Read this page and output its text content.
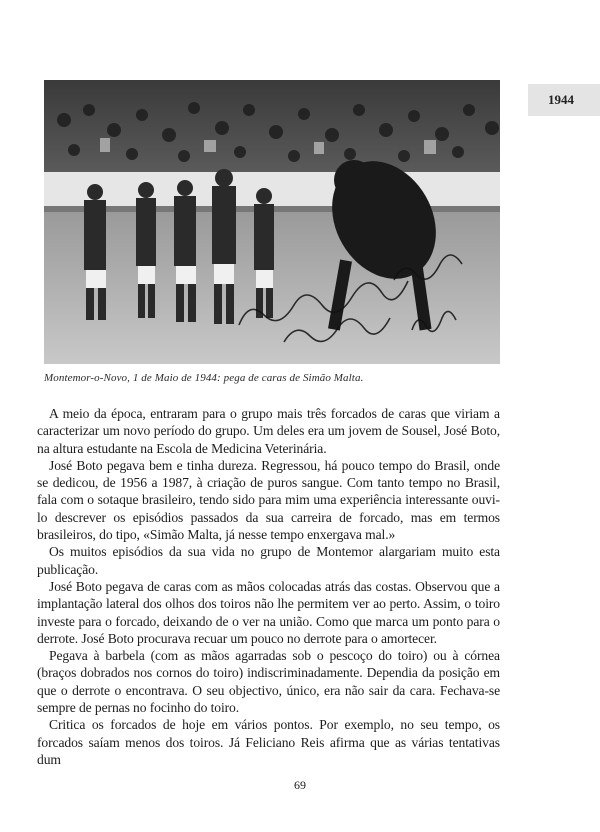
1944
Montemor-o-Novo, 1 de Maio de 1944: pega de caras de Simão Malta.

A meio da época, entraram para o grupo mais três forcados de caras que viriam a caracterizar um novo período do grupo. Um deles era um jovem de Sousel, José Boto, na altura estudante na Escola de Medicina Veterinária.

José Boto pegava bem e tinha dureza. Regressou, há pouco tempo do Brasil, onde se dedicou, de 1956 a 1987, à criação de puros sangue. Com tanto tempo no Brasil, fala com o sotaque brasileiro, tendo sido para mim uma experiência interessante ouvi-lo descrever os episódios passados da sua carreira de forcado, mas em termos brasileiros, do tipo, «Simão Malta, já nesse tempo enxergava mal.»

Os muitos episódios da sua vida no grupo de Montemor alargariam muito esta publicação.

José Boto pegava de caras com as mãos colocadas atrás das costas. Observou que a implantação lateral dos olhos dos toiros não lhe permitem ver ao perto. Assim, o toiro investe para o forcado, deixando de o ver na união. Como que marca um ponto para o derrote. José Boto procurava recuar um pouco no derrote para o amortecer.

Pegava à barbela (com as mãos agarradas sob o pescoço do toiro) ou à córnea (braços dobrados nos cornos do toiro) indiscriminadamente. Dependia da posição em que o derrote o encontrava. O seu objectivo, único, era não sair da cara. Fechava-se sempre de pernas no focinho do toiro.

Critica os forcados de hoje em vários pontos. Por exemplo, no seu tempo, os forcados saíam menos dos toiros. Já Feliciano Reis afirma que as várias tentativas dum

69
